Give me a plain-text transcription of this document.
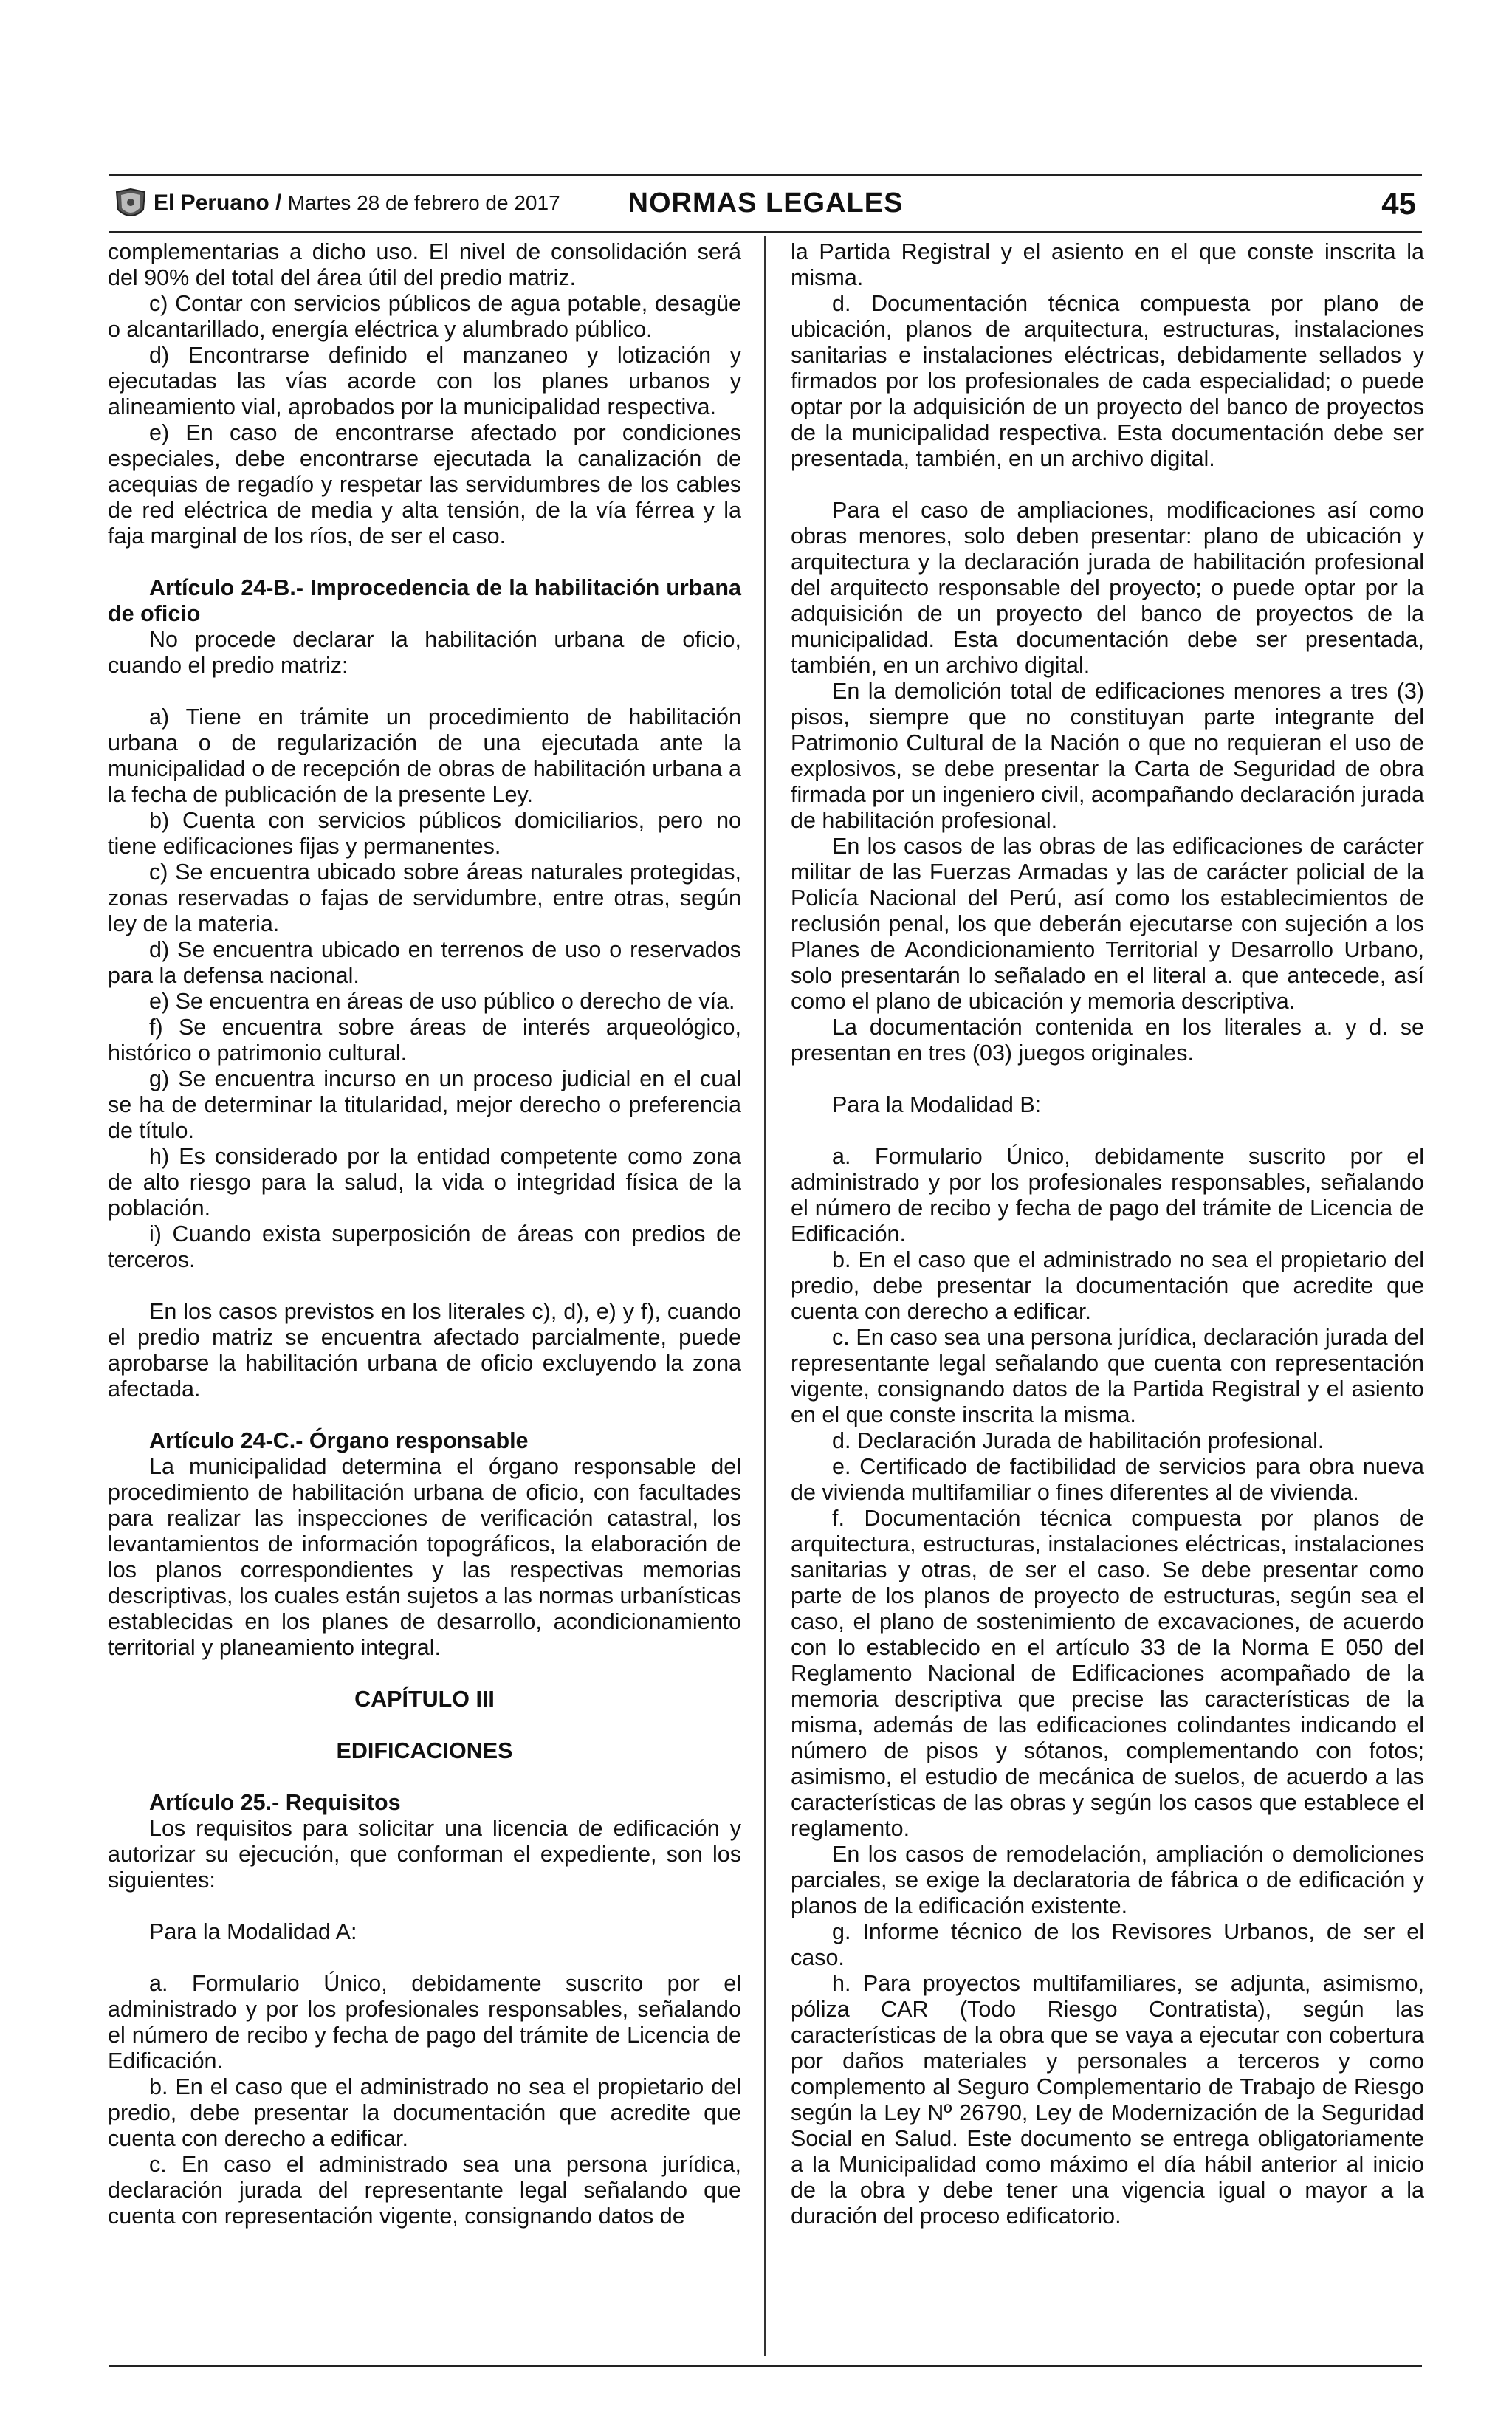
El Peruano / Martes 28 de febrero de 2017	NORMAS LEGALES	45

complementarias a dicho uso. El nivel de consolidación será del 90% del total del área útil del predio matriz.

c) Contar con servicios públicos de agua potable, desagüe o alcantarillado, energía eléctrica y alumbrado público.

d) Encontrarse definido el manzaneo y lotización y ejecutadas las vías acorde con los planes urbanos y alineamiento vial, aprobados por la municipalidad respectiva.

e) En caso de encontrarse afectado por condiciones especiales, debe encontrarse ejecutada la canalización de acequias de regadío y respetar las servidumbres de los cables de red eléctrica de media y alta tensión, de la vía férrea y la faja marginal de los ríos, de ser el caso.

Artículo 24-B.- Improcedencia de la habilitación urbana de oficio

No procede declarar la habilitación urbana de oficio, cuando el predio matriz:

a) Tiene en trámite un procedimiento de habilitación urbana o de regularización de una ejecutada ante la municipalidad o de recepción de obras de habilitación urbana a la fecha de publicación de la presente Ley.

b) Cuenta con servicios públicos domiciliarios, pero no tiene edificaciones fijas y permanentes.

c) Se encuentra ubicado sobre áreas naturales protegidas, zonas reservadas o fajas de servidumbre, entre otras, según ley de la materia.

d) Se encuentra ubicado en terrenos de uso o reservados para la defensa nacional.

e) Se encuentra en áreas de uso público o derecho de vía.

f) Se encuentra sobre áreas de interés arqueológico, histórico o patrimonio cultural.

g) Se encuentra incurso en un proceso judicial en el cual se ha de determinar la titularidad, mejor derecho o preferencia de título.

h) Es considerado por la entidad competente como zona de alto riesgo para la salud, la vida o integridad física de la población.

i) Cuando exista superposición de áreas con predios de terceros.

En los casos previstos en los literales c), d), e) y f), cuando el predio matriz se encuentra afectado parcialmente, puede aprobarse la habilitación urbana de oficio excluyendo la zona afectada.

Artículo 24-C.- Órgano responsable

La municipalidad determina el órgano responsable del procedimiento de habilitación urbana de oficio, con facultades para realizar las inspecciones de verificación catastral, los levantamientos de información topográficos, la elaboración de los planos correspondientes y las respectivas memorias descriptivas, los cuales están sujetos a las normas urbanísticas establecidas en los planes de desarrollo, acondicionamiento territorial y planeamiento integral.

CAPÍTULO III

EDIFICACIONES

Artículo 25.- Requisitos

Los requisitos para solicitar una licencia de edificación y autorizar su ejecución, que conforman el expediente, son los siguientes:

Para la Modalidad A:

a. Formulario Único, debidamente suscrito por el administrado y por los profesionales responsables, señalando el número de recibo y fecha de pago del trámite de Licencia de Edificación.

b. En el caso que el administrado no sea el propietario del predio, debe presentar la documentación que acredite que cuenta con derecho a edificar.

c. En caso el administrado sea una persona jurídica, declaración jurada del representante legal señalando que cuenta con representación vigente, consignando datos de

la Partida Registral y el asiento en el que conste inscrita la misma.

d. Documentación técnica compuesta por plano de ubicación, planos de arquitectura, estructuras, instalaciones sanitarias e instalaciones eléctricas, debidamente sellados y firmados por los profesionales de cada especialidad; o puede optar por la adquisición de un proyecto del banco de proyectos de la municipalidad respectiva. Esta documentación debe ser presentada, también, en un archivo digital.

Para el caso de ampliaciones, modificaciones así como obras menores, solo deben presentar: plano de ubicación y arquitectura y la declaración jurada de habilitación profesional del arquitecto responsable del proyecto; o puede optar por la adquisición de un proyecto del banco de proyectos de la municipalidad. Esta documentación debe ser presentada, también, en un archivo digital.

En la demolición total de edificaciones menores a tres (3) pisos, siempre que no constituyan parte integrante del Patrimonio Cultural de la Nación o que no requieran el uso de explosivos, se debe presentar la Carta de Seguridad de obra firmada por un ingeniero civil, acompañando declaración jurada de habilitación profesional.

En los casos de las obras de las edificaciones de carácter militar de las Fuerzas Armadas y las de carácter policial de la Policía Nacional del Perú, así como los establecimientos de reclusión penal, los que deberán ejecutarse con sujeción a los Planes de Acondicionamiento Territorial y Desarrollo Urbano, solo presentarán lo señalado en el literal a. que antecede, así como el plano de ubicación y memoria descriptiva.

La documentación contenida en los literales a. y d. se presentan en tres (03) juegos originales.

Para la Modalidad B:

a. Formulario Único, debidamente suscrito por el administrado y por los profesionales responsables, señalando el número de recibo y fecha de pago del trámite de Licencia de Edificación.

b. En el caso que el administrado no sea el propietario del predio, debe presentar la documentación que acredite que cuenta con derecho a edificar.

c. En caso sea una persona jurídica, declaración jurada del representante legal señalando que cuenta con representación vigente, consignando datos de la Partida Registral y el asiento en el que conste inscrita la misma.

d. Declaración Jurada de habilitación profesional.

e. Certificado de factibilidad de servicios para obra nueva de vivienda multifamiliar o fines diferentes al de vivienda.

f. Documentación técnica compuesta por planos de arquitectura, estructuras, instalaciones eléctricas, instalaciones sanitarias y otras, de ser el caso. Se debe presentar como parte de los planos de proyecto de estructuras, según sea el caso, el plano de sostenimiento de excavaciones, de acuerdo con lo establecido en el artículo 33 de la Norma E 050 del Reglamento Nacional de Edificaciones acompañado de la memoria descriptiva que precise las características de la misma, además de las edificaciones colindantes indicando el número de pisos y sótanos, complementando con fotos; asimismo, el estudio de mecánica de suelos, de acuerdo a las características de las obras y según los casos que establece el reglamento.

En los casos de remodelación, ampliación o demoliciones parciales, se exige la declaratoria de fábrica o de edificación y planos de la edificación existente.

g. Informe técnico de los Revisores Urbanos, de ser el caso.

h. Para proyectos multifamiliares, se adjunta, asimismo, póliza CAR (Todo Riesgo Contratista), según las características de la obra que se vaya a ejecutar con cobertura por daños materiales y personales a terceros y como complemento al Seguro Complementario de Trabajo de Riesgo según la Ley Nº 26790, Ley de Modernización de la Seguridad Social en Salud. Este documento se entrega obligatoriamente a la Municipalidad como máximo el día hábil anterior al inicio de la obra y debe tener una vigencia igual o mayor a la duración del proceso edificatorio.
